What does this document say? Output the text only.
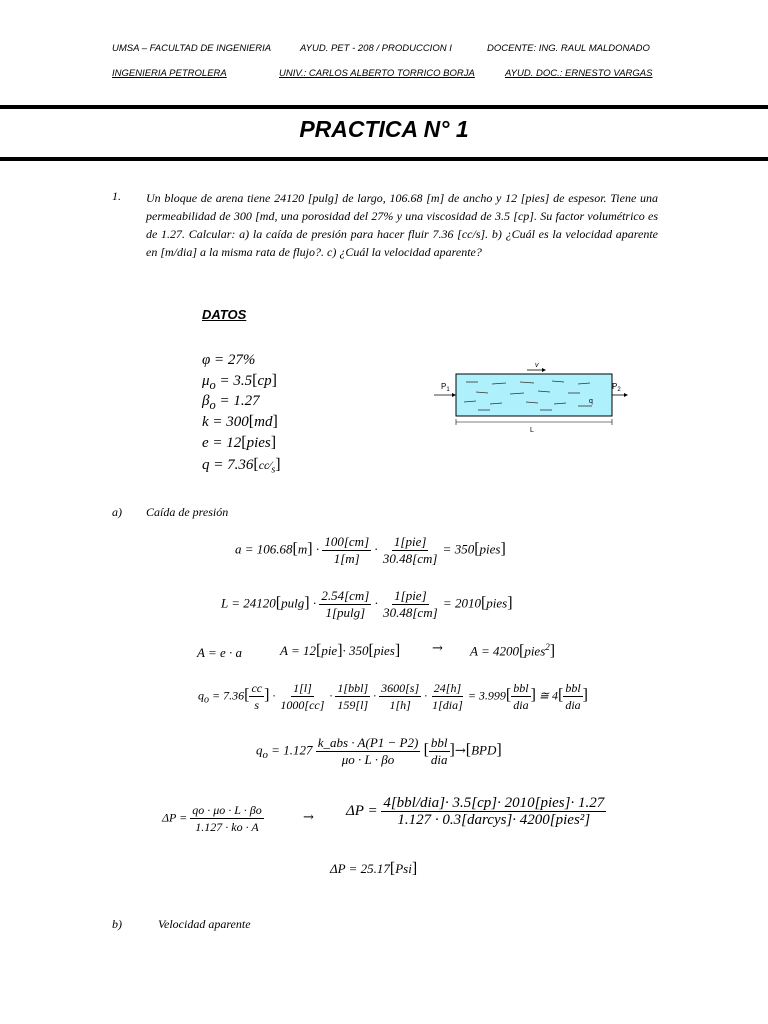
UMSA – FACULTAD DE INGENIERIA	AYUD. PET - 208 / PRODUCCION I	DOCENTE: ING. RAUL MALDONADO
INGENIERIA PETROLERA	UNIV.: CARLOS ALBERTO TORRICO BORJA	AYUD. DOC.: ERNESTO VARGAS
PRACTICA N° 1
1. Un bloque de arena tiene 24120 [pulg] de largo, 106.68 [m] de ancho y 12 [pies] de espesor. Tiene una permeabilidad de 300 [md, una porosidad del 27% y una viscosidad de 3.5 [cp]. Su factor volumétrico es de 1.27. Calcular: a) la caída de presión para hacer fluir 7.36 [cc/s]. b) ¿Cuál es la velocidad aparente en [m/dia] a la misma rata de flujo?. c) ¿Cuál la velocidad aparente?
DATOS
φ = 27%
$\mu_o = 3.5[cp]$
$\beta_o = 1.27$
k = 300[md]
e = 12[pies]
$q = 7.36[cc⁄_s]$
v
$P_1$	$P_2$
q
L
a) Caída de presión
$a = 106.68[m] \cdot \frac{100[cm]}{1[m]} \cdot \frac{\text{1[pie]}}{30.48[cm]}$ = 350[pies]
$L = 24120[pulg] \cdot \frac{2.54[cm]}{1[pulg]} \cdot \frac{\text{1[pie]}}{30.48[cm]}$ = 2010[pies]
A = e · a	A = 12[pie]· 350[pies] → A = 4200[pies$^2$]
$q_o = 7.36[ \frac{cc}{s}$ ] · $\frac{1[l]}{1000[cc]} \cdot \frac{\text{1[bbl]}}{159[l]} \cdot \frac{3600[s]}{1[h]} \cdot \frac{24[h]}{\text{1[dia]}} = 3.999[ \frac{\text{bbl}}{\text{dia}}$ ] ≅ $4[ \frac{\text{bbl}}{\text{dia}}$ ]
$q_o = 1.127 \frac{\text{k\_abs · A(P1 − P2)}}{\mu o \cdot L \cdot \beta o}$ [ $\frac{\text{bbl}}{\text{dia}} ]\to[BPD]$
$\Delta P = \frac{qo \cdot \mu o \cdot L \cdot \beta o}{1.127 \cdot ko \cdot A}$	→ $\Delta P = \frac{\text{4[bbl/dia]· 3.5[cp]· 2010[pies]· 1.27}}{\text{1.127 · 0.3[darcys]· 4200[pies²]}}$
ΔP = 25.17[Psi]
b)	Velocidad aparente
